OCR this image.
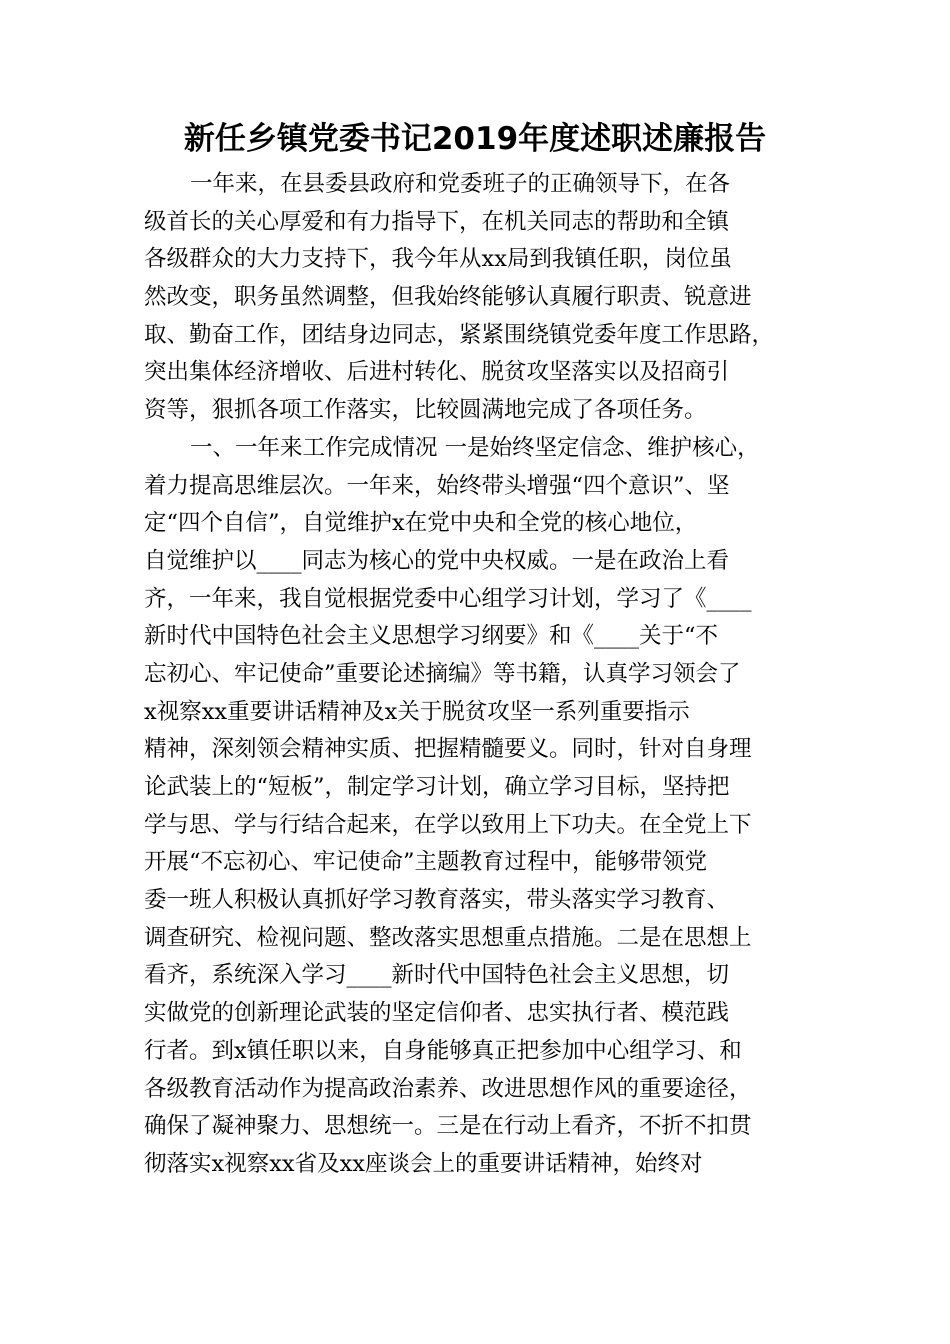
新任乡镇党委书记2019年度述职述廉报告
一年来，在县委县政府和党委班子的正确领导下，在各
级首长的关心厚爱和有力指导下，在机关同志的帮助和全镇
各级群众的大力支持下，我今年从xx局到我镇任职，岗位虽
然改变，职务虽然调整，但我始终能够认真履行职责、锐意进
取、勤奋工作，团结身边同志，紧紧围绕镇党委年度工作思路，
突出集体经济增收、后进村转化、脱贫攻坚落实以及招商引
资等，狠抓各项工作落实，比较圆满地完成了各项任务。
一、一年来工作完成情况 一是始终坚定信念、维护核心，
着力提高思维层次。一年来，始终带头增强“四个意识”、坚
定“四个自信”，自觉维护x在党中央和全党的核心地位，
自觉维护以____同志为核心的党中央权威。一是在政治上看
齐，一年来，我自觉根据党委中心组学习计划，学习了《____
新时代中国特色社会主义思想学习纲要》和《____关于“不
忘初心、牢记使命”重要论述摘编》等书籍，认真学习领会了
x视察xx重要讲话精神及x关于脱贫攻坚一系列重要指示
精神，深刻领会精神实质、把握精髓要义。同时，针对自身理
论武装上的“短板”，制定学习计划，确立学习目标，坚持把
学与思、学与行结合起来，在学以致用上下功夫。在全党上下
开展“不忘初心、牢记使命”主题教育过程中，能够带领党
委一班人积极认真抓好学习教育落实，带头落实学习教育、
调查研究、检视问题、整改落实思想重点措施。二是在思想上
看齐，系统深入学习____新时代中国特色社会主义思想，切
实做党的创新理论武装的坚定信仰者、忠实执行者、模范践
行者。到x镇任职以来，自身能够真正把参加中心组学习、和
各级教育活动作为提高政治素养、改进思想作风的重要途径，
确保了凝神聚力、思想统一。三是在行动上看齐，不折不扣贯
彻落实x视察xx省及xx座谈会上的重要讲话精神，始终对
